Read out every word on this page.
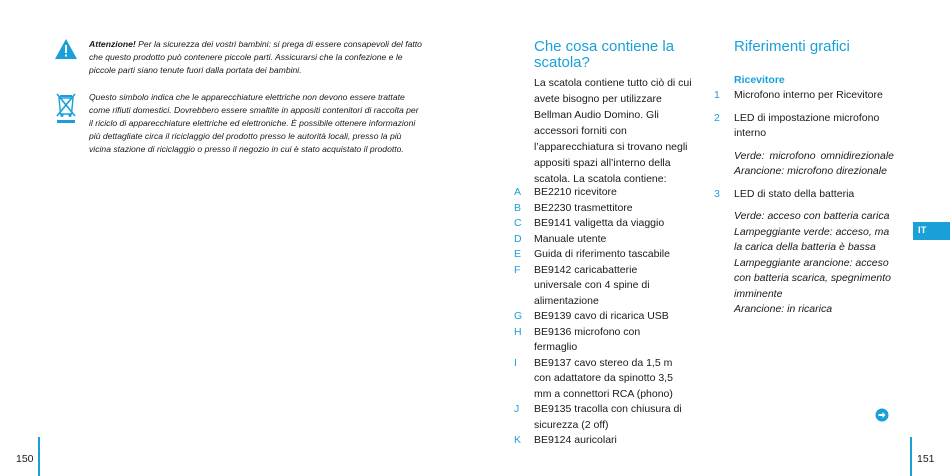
Attenzione! Per la sicurezza dei vostri bambini: si prega di essere consapevoli del fatto che questo prodotto può contenere piccole parti. Assicurarsi che la confezione e le piccole parti siano tenute fuori dalla portata dei bambini.

Questo simbolo indica che le apparecchiature elettriche non devono essere trattate come rifiuti domestici. Dovrebbero essere smaltite in appositi contenitori di raccolta per il riciclo di apparecchiature elettriche ed elettroniche. È possibile ottenere informazioni più dettagliate circa il riciclaggio del prodotto presso le autorità locali, presso la più vicina stazione di riciclaggio o presso il negozio in cui è stato acquistato il prodotto.

150
Che cosa contiene la scatola?
La scatola contiene tutto ciò di cui avete bisogno per utilizzare Bellman Audio Domino. Gli accessori forniti con l’apparecchiatura si trovano negli appositi spazi all’interno della scatola. La scatola contiene:
A	BE2210 ricevitore
B	BE2230 trasmettitore
C	BE9141 valigetta da viaggio
D	Manuale utente
E	Guida di riferimento tascabile
F	BE9142 caricabatterie universale con 4 spine di alimentazione
G	BE9139 cavo di ricarica USB
H	BE9136 microfono con fermaglio
I	BE9137 cavo stereo da 1,5 m con adattatore da spinotto 3,5 mm a connettori RCA (phono)
J	BE9135 tracolla con chiusura di sicurezza (2 off)
K	BE9124 auricolari
Riferimenti grafici
Ricevitore
1	Microfono interno per Ricevitore
2	LED di impostazione microfono interno
Verde: microfono omnidirezionale
Arancione: microfono direzionale
3	LED di stato della batteria
Verde: acceso con batteria carica
Lampeggiante verde: acceso, ma la carica della batteria è bassa
Lampeggiante arancione: acceso con batteria scarica, spegnimento imminente
Arancione: in ricarica
IT
151
